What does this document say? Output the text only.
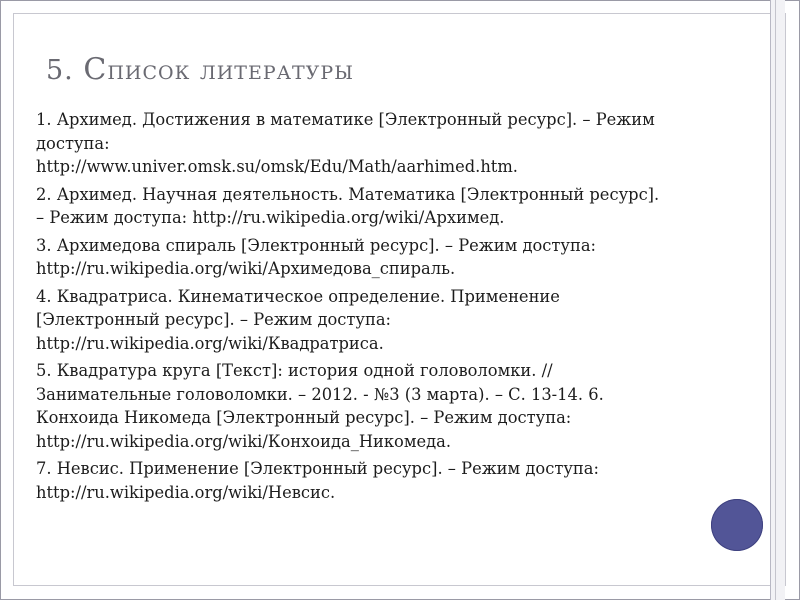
5. Список литературы
1. Архимед. Достижения в математике [Электронный ресурс]. – Режим
доступа:
http://www.univer.omsk.su/omsk/Edu/Math/aarhimed.htm.
2. Архимед. Научная деятельность. Математика [Электронный ресурс].
– Режим доступа: http://ru.wikipedia.org/wiki/Архимед.
3. Архимедова спираль [Электронный ресурс]. – Режим доступа:
http://ru.wikipedia.org/wiki/Архимедова_спираль.
4. Квадратриса. Кинематическое определение. Применение
[Электронный ресурс]. – Режим доступа:
http://ru.wikipedia.org/wiki/Квадратриса.
5. Квадратура круга [Текст]: история одной головоломки. //
Занимательные головоломки. – 2012. - №3 (3 марта). – С. 13-14. 6.
Конхоида Никомеда [Электронный ресурс]. – Режим доступа:
http://ru.wikipedia.org/wiki/Конхоида_Никомеда.
7. Невсис. Применение [Электронный ресурс]. – Режим доступа:
http://ru.wikipedia.org/wiki/Невсис.
